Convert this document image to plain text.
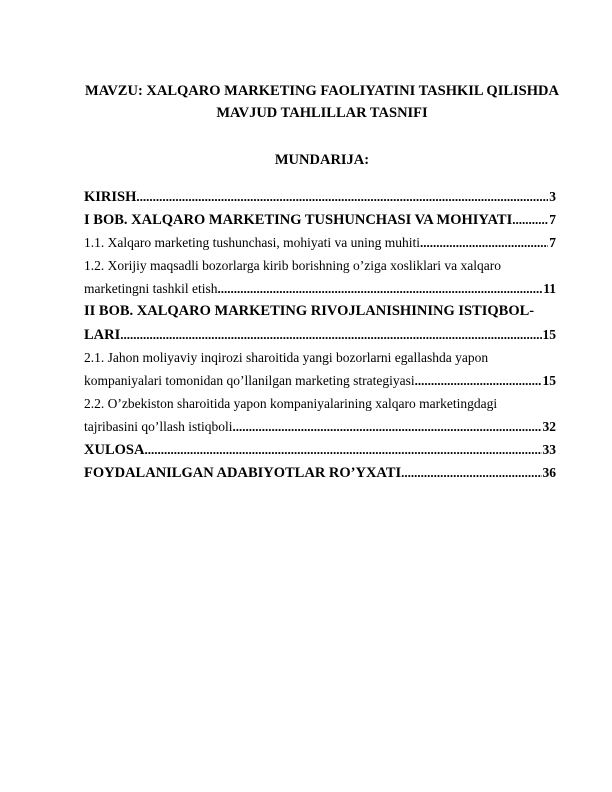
MAVZU: XALQARO MARKETING FAOLIYATINI TASHKIL QILISHDA
MAVJUD TAHLILLAR TASNIFI
MUNDARIJA:
KIRISH .....	3
I BOB. XALQARO MARKETING TUSHUNCHASI VA MOHIYATI .....	7
1.1. Xalqaro marketing tushunchasi, mohiyati va uning muhiti .....	7
1.2. Xorijiy maqsadli bozorlarga kirib borishning o’ziga xosliklari va xalqaro
marketingni tashkil etish .....	11
II BOB. XALQARO MARKETING RIVOJLANISHINING ISTIQBOL-
LARI .....	15
2.1. Jahon moliyaviy inqirozi sharoitida yangi bozorlarni egallashda yapon
kompaniyalari tomonidan qo’llanilgan marketing strategiyasi .....	15
2.2. O’zbekiston sharoitida yapon kompaniyalarining xalqaro marketingdagi
tajribasini qo’llash istiqboli .....	32
XULOSA .....	33
FOYDALANILGAN ADABIYOTLAR RO’YXATI .....	36
